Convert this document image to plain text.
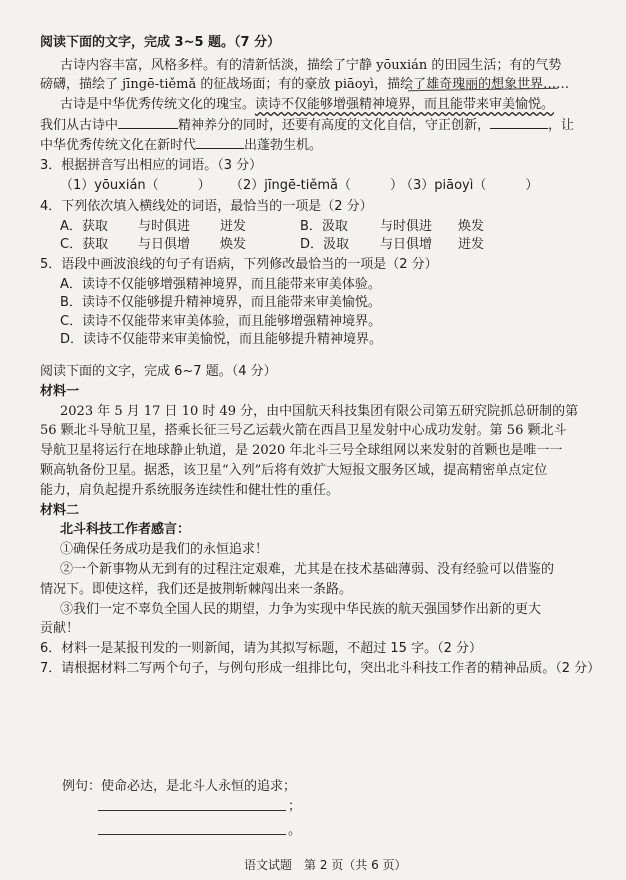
阅读下面的文字，完成 3~5 题。（7 分）
古诗内容丰富，风格多样。有的清新恬淡，描绘了宁静 yōuxián 的田园生活；有的气势
磅礴，描绘了 jīngē-tiěmǎ 的征战场面；有的豪放 piāoyì，描绘了雄奇瑰丽的想象世界……
古诗是中华优秀传统文化的瑰宝。读诗不仅能够增强精神境界，而且能带来审美愉悦。
我们从古诗中	精神养分的同时，还要有高度的文化自信，守正创新，	，让
中华优秀传统文化在新时代	出蓬勃生机。
3．根据拼音写出相应的词语。（3 分）
（1）yōuxián（　　　） （2）jīngē-tiěmǎ（　　　）
（3）piāoyì（　　　）
4．下列依次填入横线处的词语，最恰当的一项是（2 分）
A．获取 与时俱进 迸发	B．汲取 与时俱进 焕发
C．获取 与日俱增 焕发	D．汲取 与日俱增 迸发
5．语段中画波浪线的句子有语病，下列修改最恰当的一项是（2 分）
A．读诗不仅能够增强精神境界，而且能带来审美体验。
B．读诗不仅能够提升精神境界，而且能带来审美愉悦。
C．读诗不仅能带来审美体验，而且能够增强精神境界。
D．读诗不仅能带来审美愉悦，而且能够提升精神境界。
阅读下面的文字，完成 6~7 题。（4 分）
材料一
2023 年 5 月 17 日 10 时 49 分，由中国航天科技集团有限公司第五研究院抓总研制的第
56 颗北斗导航卫星，搭乘长征三号乙运载火箭在西昌卫星发射中心成功发射。第 56 颗北斗
导航卫星将运行在地球静止轨道，是 2020 年北斗三号全球组网以来发射的首颗也是唯一一
颗高轨备份卫星。据悉，该卫星“入列”后将有效扩大短报文服务区域，提高精密单点定位
能力，肩负起提升系统服务连续性和健壮性的重任。
材料二
北斗科技工作者感言：
①确保任务成功是我们的永恒追求！
②一个新事物从无到有的过程注定艰难，尤其是在技术基础薄弱、没有经验可以借鉴的
情况下。即使这样，我们还是披荆斩棘闯出来一条路。
③我们一定不辜负全国人民的期望，力争为实现中华民族的航天强国梦作出新的更大
贡献！
6．材料一是某报刊发的一则新闻，请为其拟写标题，不超过 15 字。（2 分）
7．请根据材料二写两个句子，与例句形成一组排比句，突出北斗科技工作者的精神品质。（2 分）
例句：使命必达，是北斗人永恒的追求；
；
。
语文试题　第 2 页（共 6 页）
